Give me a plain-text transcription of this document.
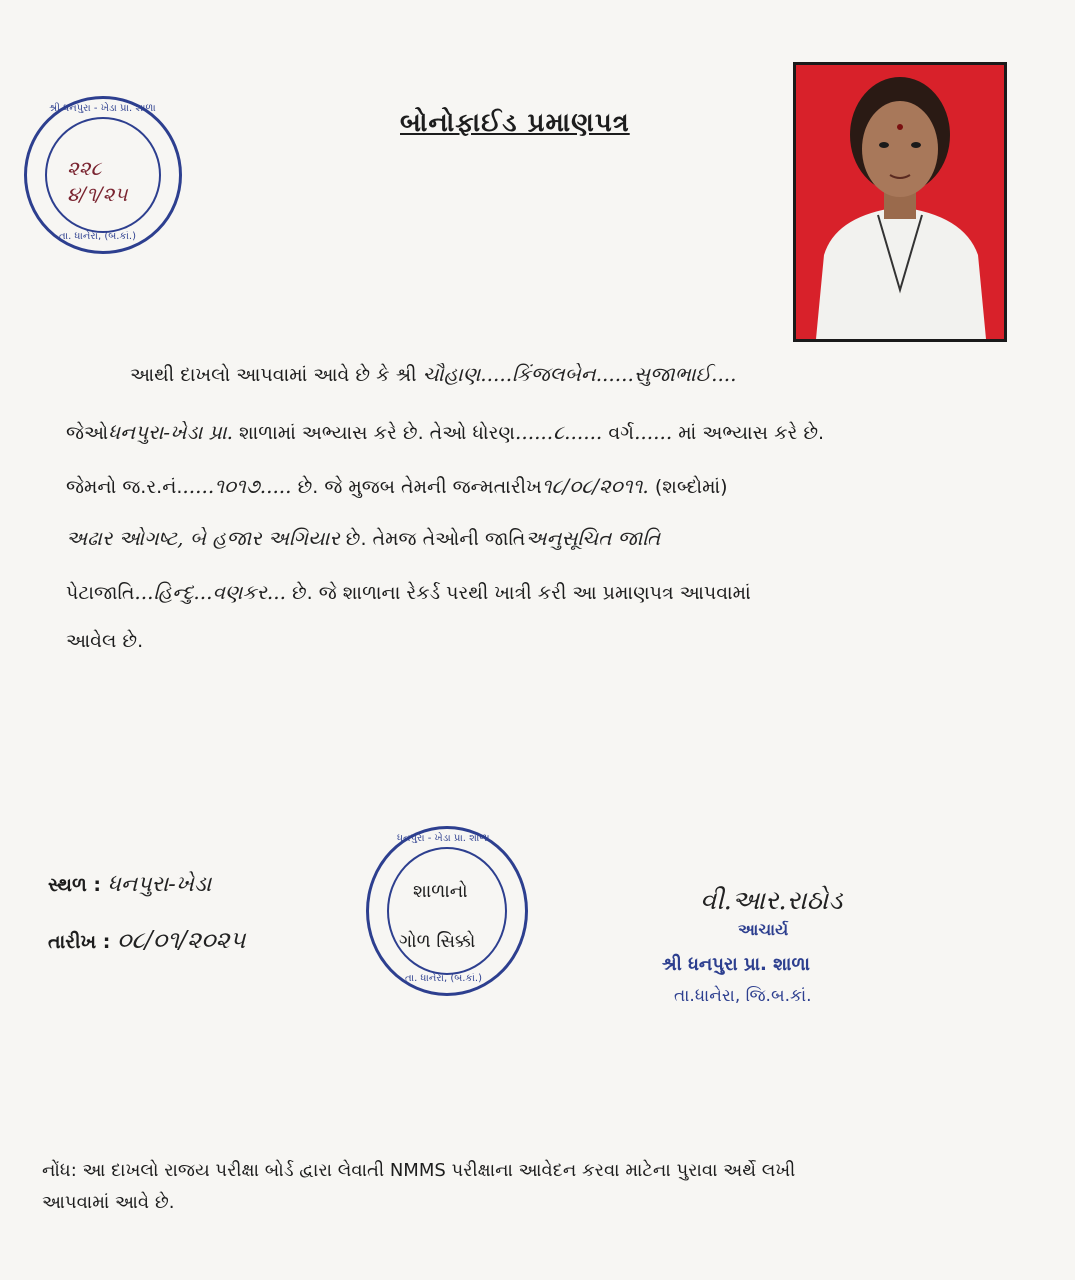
શ્રી ધનપુરા - ખેડા પ્રા. શાળા
તા. ધાનેરા, (બ.કાં.)
૨૨૮ ૪/૧/૨૫
બોનોફાઈડ પ્રમાણપત્ર
આથી દાખલો આપવામાં આવે છે કે શ્રી ચૌહાણ.....કિંજલબેન......સુજાભાઈ....
જેઓધનપુરા-ખેડા પ્રા. શાળામાં અભ્યાસ કરે છે. તેઓ ધોરણ......૮...... વર્ગ...... માં અભ્યાસ કરે છે.
જેમનો જ.ર.નં......૧૦૧૭..... છે. જે મુજબ તેમની જન્મતારીખ૧૮/૦૮/૨૦૧૧. (શબ્દોમાં)
અઢાર ઓગષ્ટ, બે હજાર અગિયાર છે. તેમજ તેઓની જાતિઅનુસૂચિત જાતિ
પેટાજાતિ...હિન્દુ...વણકર... છે. જે શાળાના રેકર્ડ પરથી ખાત્રી કરી આ પ્રમાણપત્ર આપવામાં
આવેલ છે.
સ્થળ : ધનપુરા-ખેડા
તારીખ : ૦૮/૦૧/૨૦૨૫
ધનપુરા - ખેડા પ્રા. શાળા
શાળાનો
ગોળ સિક્કો
તા. ધાનેરા, (બ.કાં.)
વી.આર.રાઠોડ
આચાર્ય
શ્રી ધનપુરા પ્રા. શાળા
તા.ધાનેરા, જિ.બ.કાં.
નોંધ: આ દાખલો રાજય પરીક્ષા બોર્ડ દ્વારા લેવાતી NMMS પરીક્ષાના આવેદન કરવા માટેના પુરાવા અર્થે લખી
આપવામાં આવે છે.
